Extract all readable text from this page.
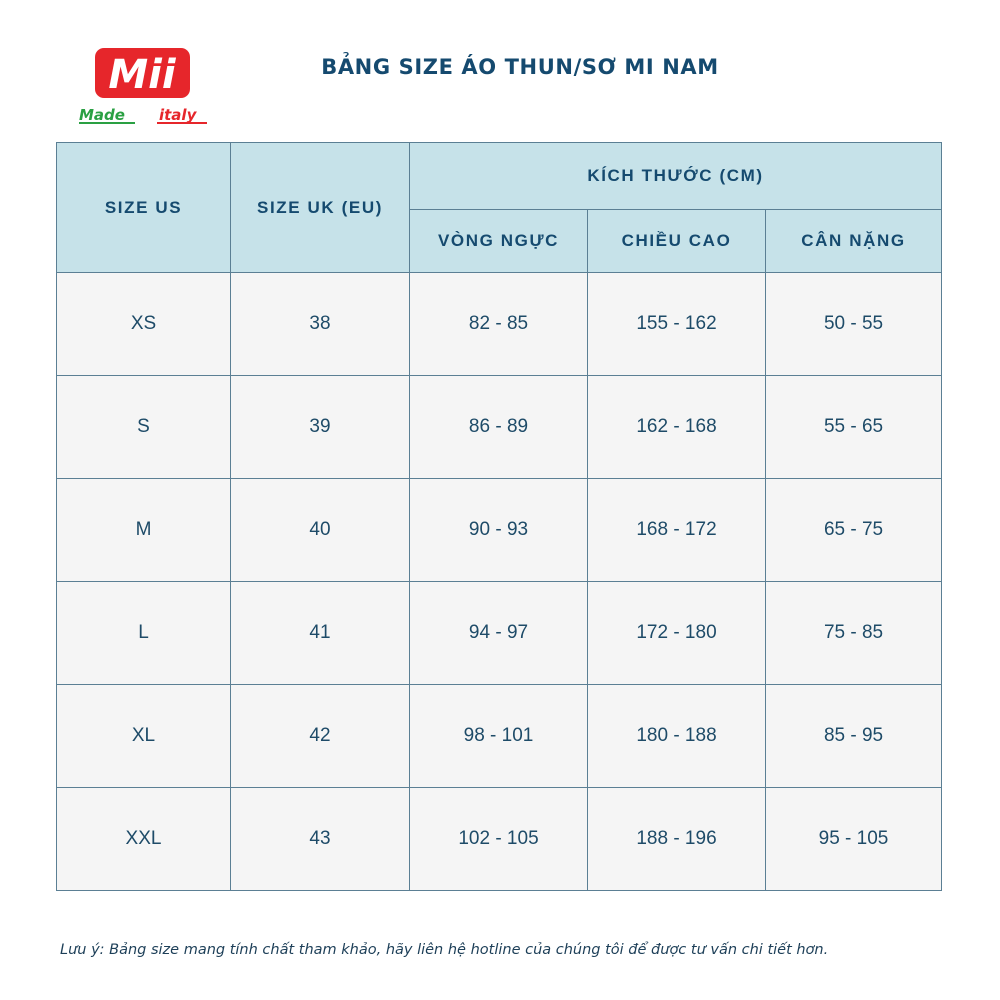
Mii
Made italy
BẢNG SIZE ÁO THUN/SƠ MI NAM
SIZE US	SIZE UK (EU)	KÍCH THƯỚC (CM)		
		VÒNG NGỰC	CHIỀU CAO	CÂN NẶNG
XS	38	82 - 85	155 - 162	50 - 55
S	39	86 - 89	162 - 168	55 - 65
M	40	90 - 93	168 - 172	65 - 75
L	41	94 - 97	172 - 180	75 - 85
XL	42	98 - 101	180 - 188	85 - 95
XXL	43	102 - 105	188 - 196	95 - 105
Lưu ý: Bảng size mang tính chất tham khảo, hãy liên hệ hotline của chúng tôi để được tư vấn chi tiết hơn.
